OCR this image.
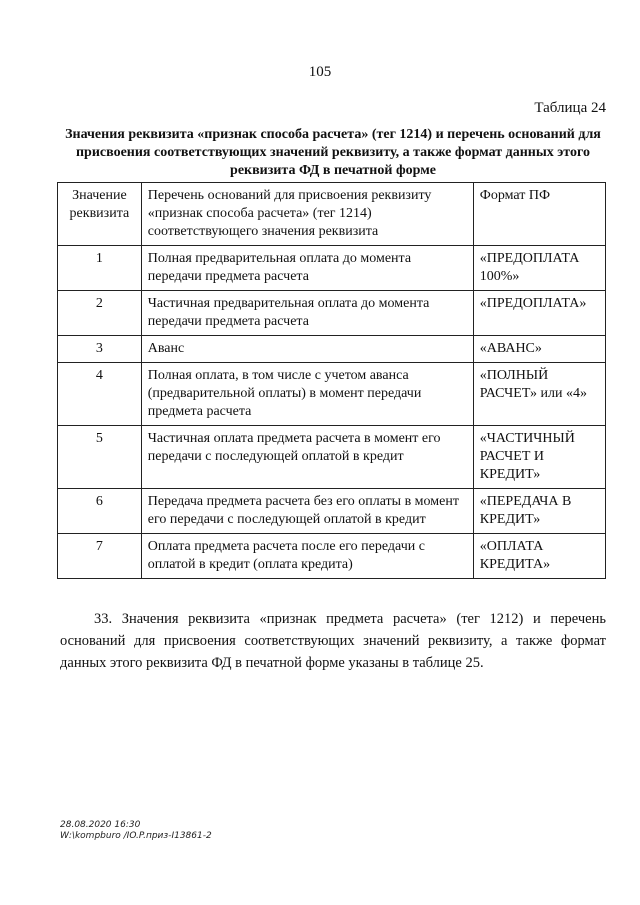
105
Таблица 24
Значения реквизита «признак способа расчета» (тег 1214) и перечень оснований для присвоения соответствующих значений реквизиту, а также формат данных этого реквизита ФД в печатной форме
Значение реквизита	Перечень оснований для присвоения реквизиту «признак способа расчета» (тег 1214) соответствующего значения реквизита	Формат ПФ
1	Полная предварительная оплата до момента передачи предмета расчета	«ПРЕДОПЛАТА 100%»
2	Частичная предварительная оплата до момента передачи предмета расчета	«ПРЕДОПЛАТА»
3	Аванс	«АВАНС»
4	Полная оплата, в том числе с учетом аванса (предварительной оплаты) в момент передачи предмета расчета	«ПОЛНЫЙ РАСЧЕТ» или «4»
5	Частичная оплата предмета расчета в момент его передачи с последующей оплатой в кредит	«ЧАСТИЧНЫЙ РАСЧЕТ И КРЕДИТ»
6	Передача предмета расчета без его оплаты в момент его передачи с последующей оплатой в кредит	«ПЕРЕДАЧА В КРЕДИТ»
7	Оплата предмета расчета после его передачи с оплатой в кредит (оплата кредита)	«ОПЛАТА КРЕДИТА»
33. Значения реквизита «признак предмета расчета» (тег 1212) и перечень оснований для присвоения соответствующих значений реквизиту, а также формат данных этого реквизита ФД в печатной форме указаны в таблице 25.
28.08.2020 16:30
W:\kompburo /IO.P.приз-I13861-2
